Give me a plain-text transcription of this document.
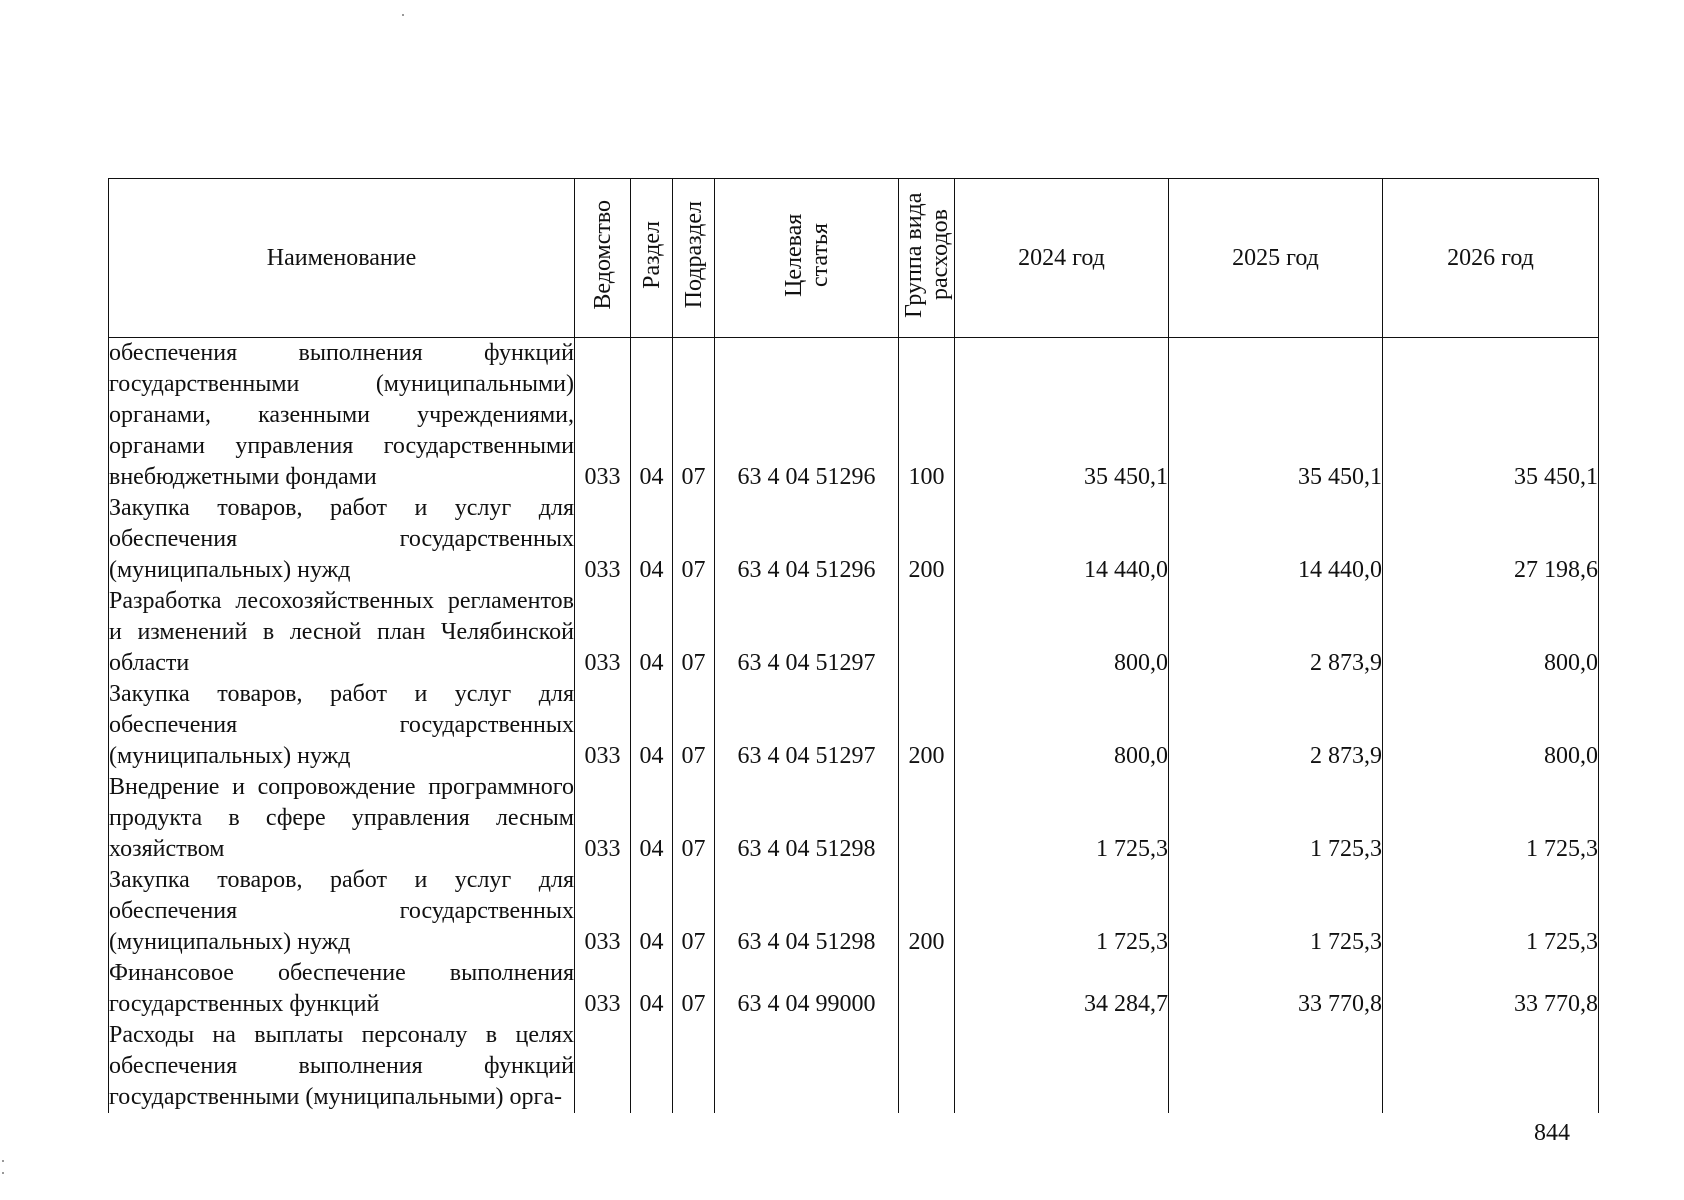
Наименование	Ведомство	Раздел	Подраздел	Целевая статья	Группа вида расходов	2024 год	2025 год	2026 год
обеспечения выполнения функций государственными (муниципальными) органами, казенными учреждениями, органами управления государственными внебюджетными фондами	033	04	07	63 4 04 51296	100	35 450,1	35 450,1	35 450,1
Закупка товаров, работ и услуг для обеспечения государственных (муниципальных) нужд	033	04	07	63 4 04 51296	200	14 440,0	14 440,0	27 198,6
Разработка лесохозяйственных регламентов и изменений в лесной план Челябинской области	033	04	07	63 4 04 51297		800,0	2 873,9	800,0
Закупка товаров, работ и услуг для обеспечения государственных (муниципальных) нужд	033	04	07	63 4 04 51297	200	800,0	2 873,9	800,0
Внедрение и сопровождение программного продукта в сфере управления лесным хозяйством	033	04	07	63 4 04 51298		1 725,3	1 725,3	1 725,3
Закупка товаров, работ и услуг для обеспечения государственных (муниципальных) нужд	033	04	07	63 4 04 51298	200	1 725,3	1 725,3	1 725,3
Финансовое обеспечение выполнения государственных функций	033	04	07	63 4 04 99000		34 284,7	33 770,8	33 770,8
Расходы на выплаты персоналу в целях обеспечения выполнения функций государственными (муниципальными) орга-								
844
